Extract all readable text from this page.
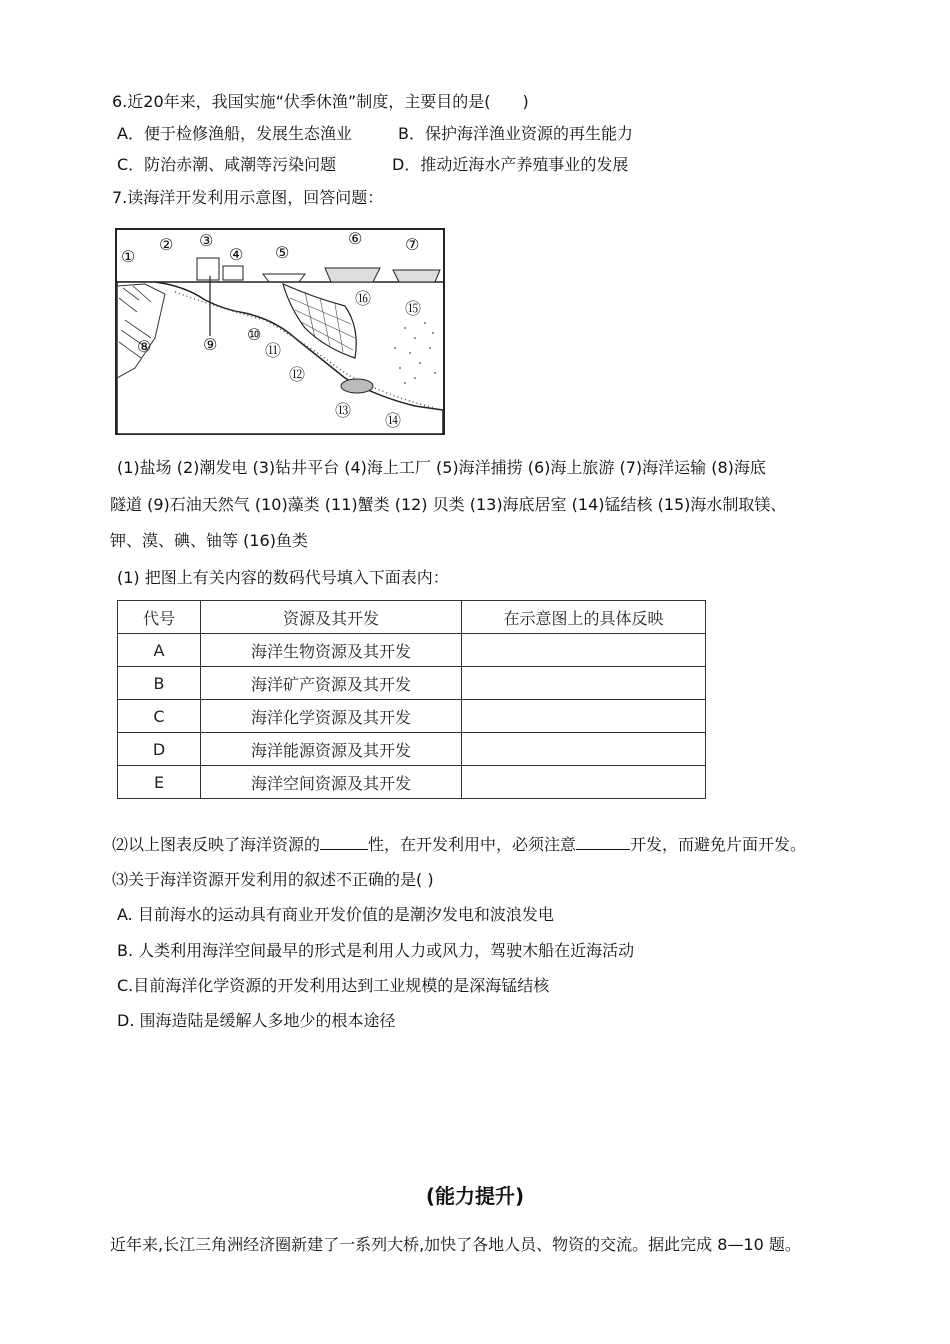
6.近20年来，我国实施“伏季休渔”制度，主要目的是(　　)
A．便于检修渔船，发展生态渔业	B．保护海洋渔业资源的再生能力
C．防治赤潮、咸潮等污染问题	D．推动近海水产养殖事业的发展
7.读海洋开发利用示意图，回答问题：
①
② ③
④ ⑤
⑥	⑦
⑧	⑨
⑩
⑪
⑫
⑬
⑭
⑮
⑯
(1)盐场 (2)潮发电 (3)钻井平台 (4)海上工厂 (5)海洋捕捞 (6)海上旅游 (7)海洋运输 (8)海底
隧道 (9)石油天然气 (10)藻类 (11)蟹类 (12) 贝类 (13)海底居室 (14)锰结核 (15)海水制取镁、
钾、漠、碘、铀等 (16)鱼类
(1) 把图上有关内容的数码代号填入下面表内：
代号	资源及其开发	在示意图上的具体反映
A	海洋生物资源及其开发	
B	海洋矿产资源及其开发	
C	海洋化学资源及其开发	
D	海洋能源资源及其开发	
E	海洋空间资源及其开发	
⑵以上图表反映了海洋资源的	性，在开发利用中，必须注意	开发，而避免片面开发。
⑶关于海洋资源开发利用的叙述不正确的是( )
A. 目前海水的运动具有商业开发价值的是潮汐发电和波浪发电
B. 人类利用海洋空间最早的形式是利用人力或风力，驾驶木船在近海活动
C.目前海洋化学资源的开发利用达到工业规模的是深海锰结核
D. 围海造陆是缓解人多地少的根本途径
(能力提升)
近年来,长江三角洲经济圈新建了一系列大桥,加快了各地人员、物资的交流。据此完成 8—10 题。
